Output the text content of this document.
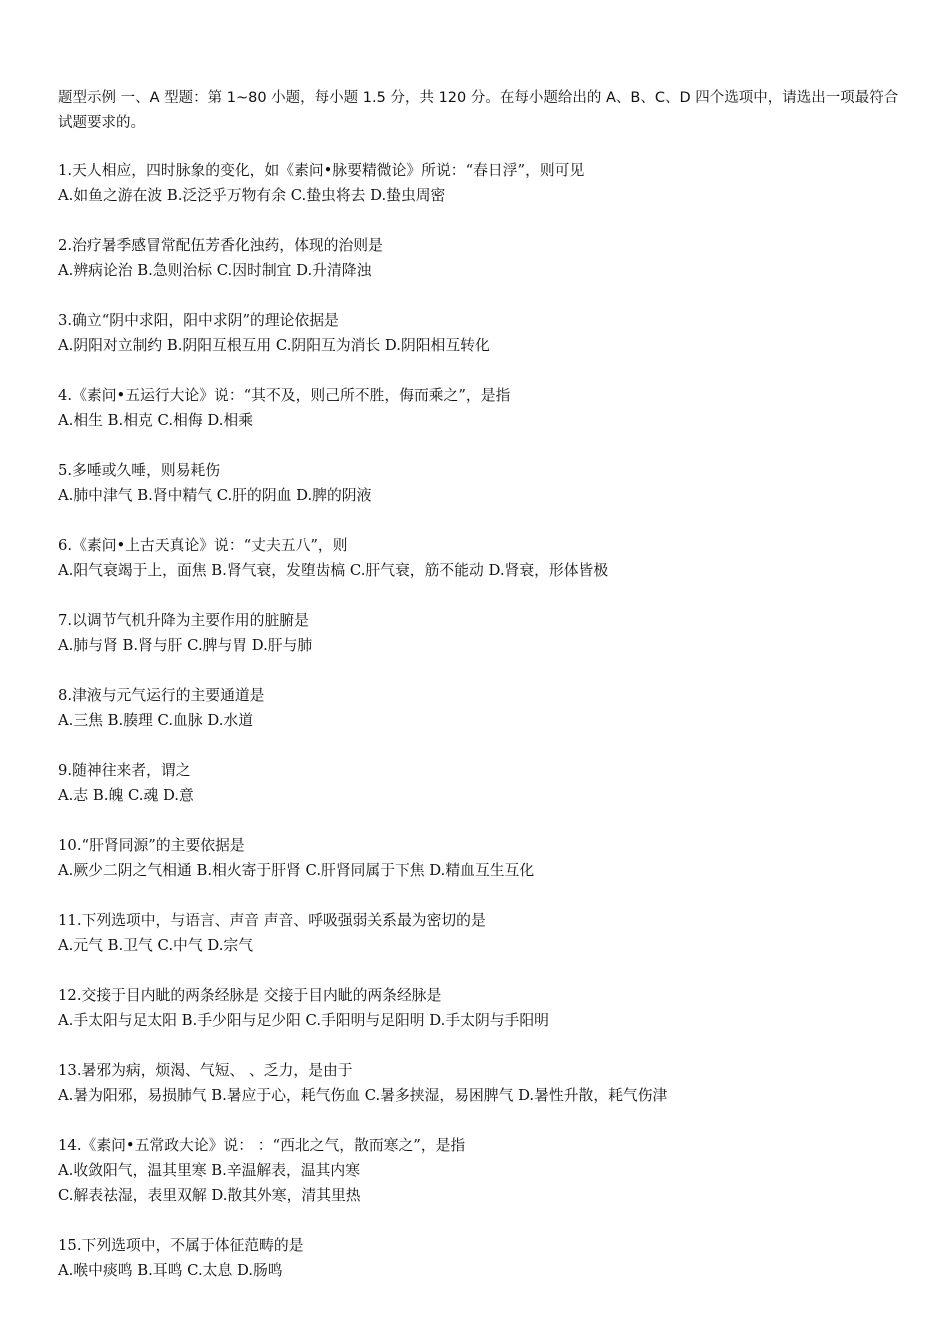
题型示例 一、A 型题：第 1~80 小题，每小题 1.5 分，共 120 分。在每小题给出的 A、B、C、D 四个选项中，请选出一项最符合试题要求的。

1.天人相应，四时脉象的变化，如《素问•脉要精微论》所说：“春日浮”，则可见
A.如鱼之游在波 B.泛泛乎万物有余 C.蛰虫将去 D.蛰虫周密
2.治疗暑季感冒常配伍芳香化浊药，体现的治则是
A.辨病论治 B.急则治标 C.因时制宜 D.升清降浊
3.确立“阴中求阳，阳中求阴”的理论依据是
A.阴阳对立制约 B.阴阳互根互用 C.阴阳互为消长 D.阴阳相互转化
4.《素问•五运行大论》说：“其不及，则己所不胜，侮而乘之”，是指
A.相生 B.相克 C.相侮 D.相乘
5.多唾或久唾，则易耗伤
A.肺中津气 B.肾中精气 C.肝的阴血 D.脾的阴液
6.《素问•上古天真论》说：“丈夫五八”，则
A.阳气衰竭于上，面焦 B.肾气衰，发堕齿槁 C.肝气衰，筋不能动 D.肾衰，形体皆极
7.以调节气机升降为主要作用的脏腑是
A.肺与肾 B.肾与肝 C.脾与胃 D.肝与肺
8.津液与元气运行的主要通道是
A.三焦 B.腠理 C.血脉 D.水道
9.随神往来者，谓之
A.志 B.魄 C.魂 D.意
10.“肝肾同源”的主要依据是
A.厥少二阴之气相通 B.相火寄于肝肾 C.肝肾同属于下焦 D.精血互生互化
11.下列选项中，与语言、声音 声音、呼吸强弱关系最为密切的是
A.元气 B.卫气 C.中气 D.宗气
12.交接于目内眦的两条经脉是 交接于目内眦的两条经脉是
A.手太阳与足太阳 B.手少阳与足少阳 C.手阳明与足阳明 D.手太阴与手阳明
13.暑邪为病，烦渴、气短、 、乏力，是由于
A.暑为阳邪，易损肺气 B.暑应于心，耗气伤血 C.暑多挟湿，易困脾气 D.暑性升散，耗气伤津
14.《素问•五常政大论》说： ：“西北之气，散而寒之”，是指
A.收敛阳气，温其里寒 B.辛温解表，温其内寒
C.解表祛湿，表里双解 D.散其外寒，清其里热
15.下列选项中，不属于体征范畴的是
A.喉中痰鸣 B.耳鸣 C.太息 D.肠鸣
